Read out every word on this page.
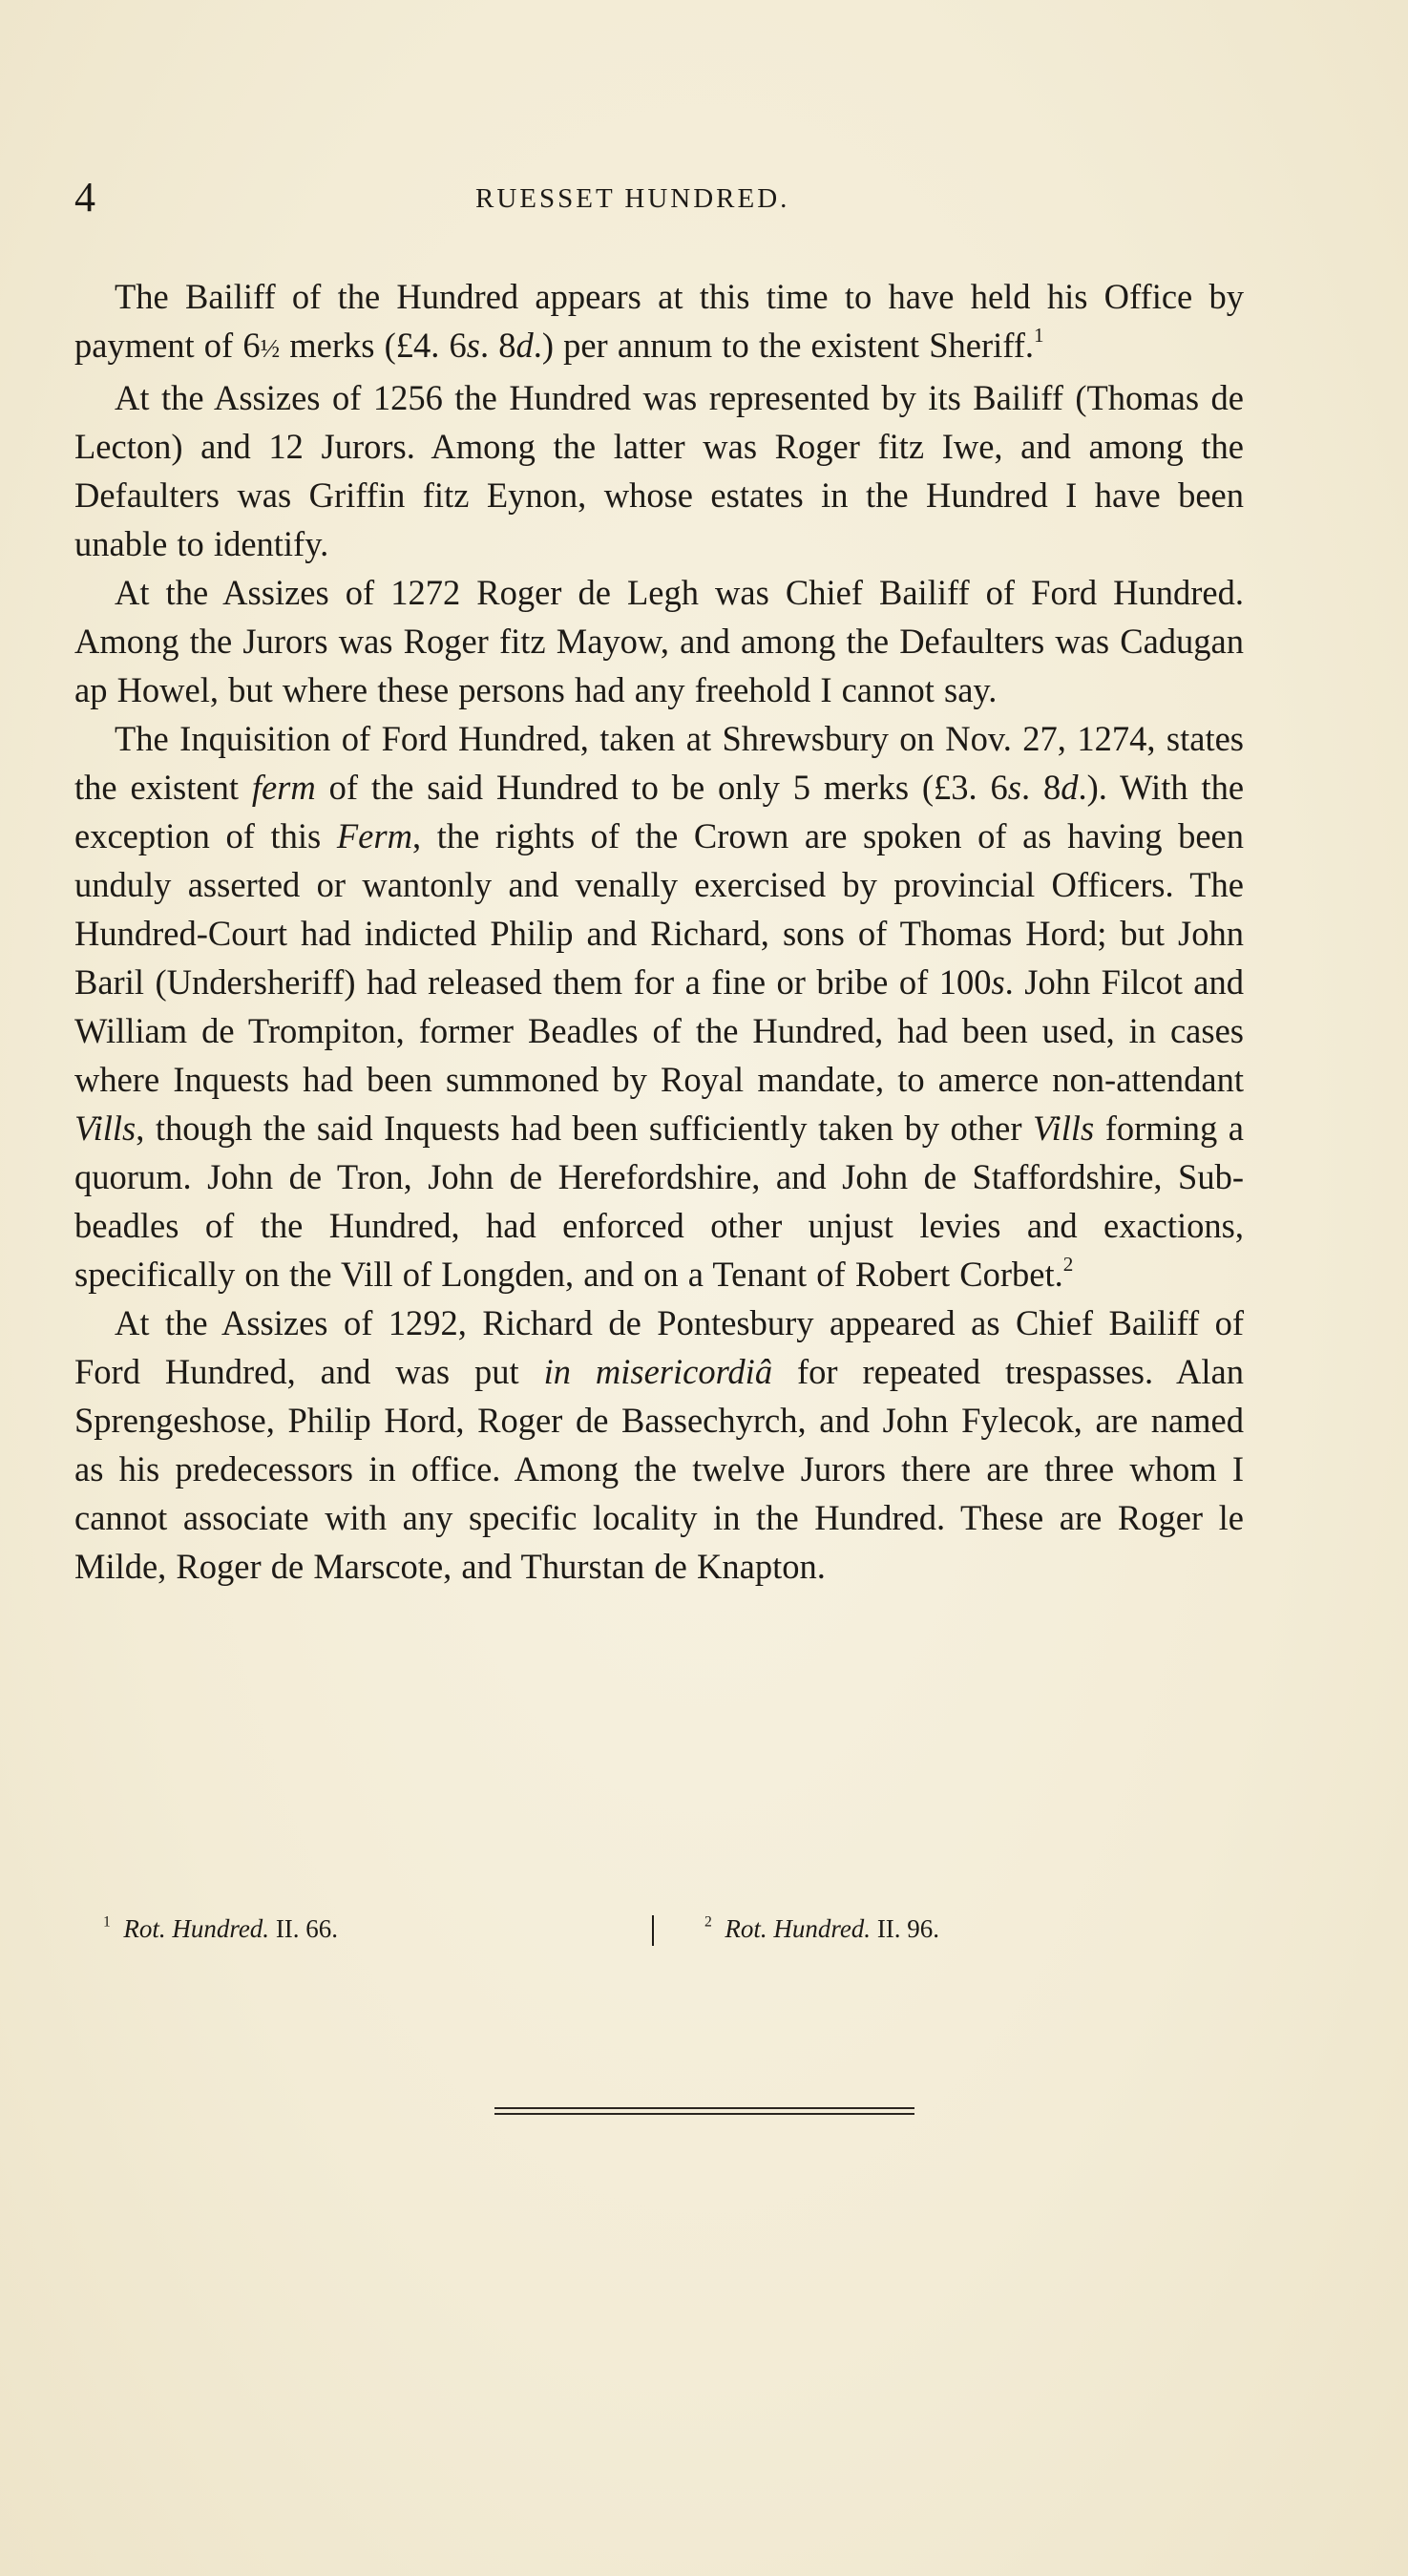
4	RUESSET HUNDRED.

The Bailiff of the Hundred appears at this time to have held his Office by payment of 6½ merks (£4. 6s. 8d.) per annum to the existent Sheriff.$^1$

At the Assizes of 1256 the Hundred was represented by its Bailiff (Thomas de Lecton) and 12 Jurors. Among the latter was Roger fitz Iwe, and among the Defaulters was Griffin fitz Eynon, whose estates in the Hundred I have been unable to identify.

At the Assizes of 1272 Roger de Legh was Chief Bailiff of Ford Hundred. Among the Jurors was Roger fitz Mayow, and among the Defaulters was Cadugan ap Howel, but where these persons had any freehold I cannot say.

The Inquisition of Ford Hundred, taken at Shrewsbury on Nov. 27, 1274, states the existent ferm of the said Hundred to be only 5 merks (£3. 6s. 8d.). With the exception of this Ferm, the rights of the Crown are spoken of as having been unduly asserted or wantonly and venally exercised by provincial Officers. The Hundred-Court had indicted Philip and Richard, sons of Thomas Hord; but John Baril (Undersheriff) had released them for a fine or bribe of 100s. John Filcot and William de Trompiton, former Beadles of the Hundred, had been used, in cases where Inquests had been summoned by Royal mandate, to amerce non-attendant Vills, though the said Inquests had been sufficiently taken by other Vills forming a quorum. John de Tron, John de Herefordshire, and John de Staffordshire, Sub-beadles of the Hundred, had enforced other unjust levies and exactions, specifically on the Vill of Longden, and on a Tenant of Robert Corbet.$^2$

At the Assizes of 1292, Richard de Pontesbury appeared as Chief Bailiff of Ford Hundred, and was put in misericordiâ for repeated trespasses. Alan Sprengeshose, Philip Hord, Roger de Bassechyrch, and John Fylecok, are named as his predecessors in office. Among the twelve Jurors there are three whom I cannot associate with any specific locality in the Hundred. These are Roger le Milde, Roger de Marscote, and Thurstan de Knapton.

$^1$ Rot. Hundred. II. 66.	$^2$ Rot. Hundred. II. 96.
